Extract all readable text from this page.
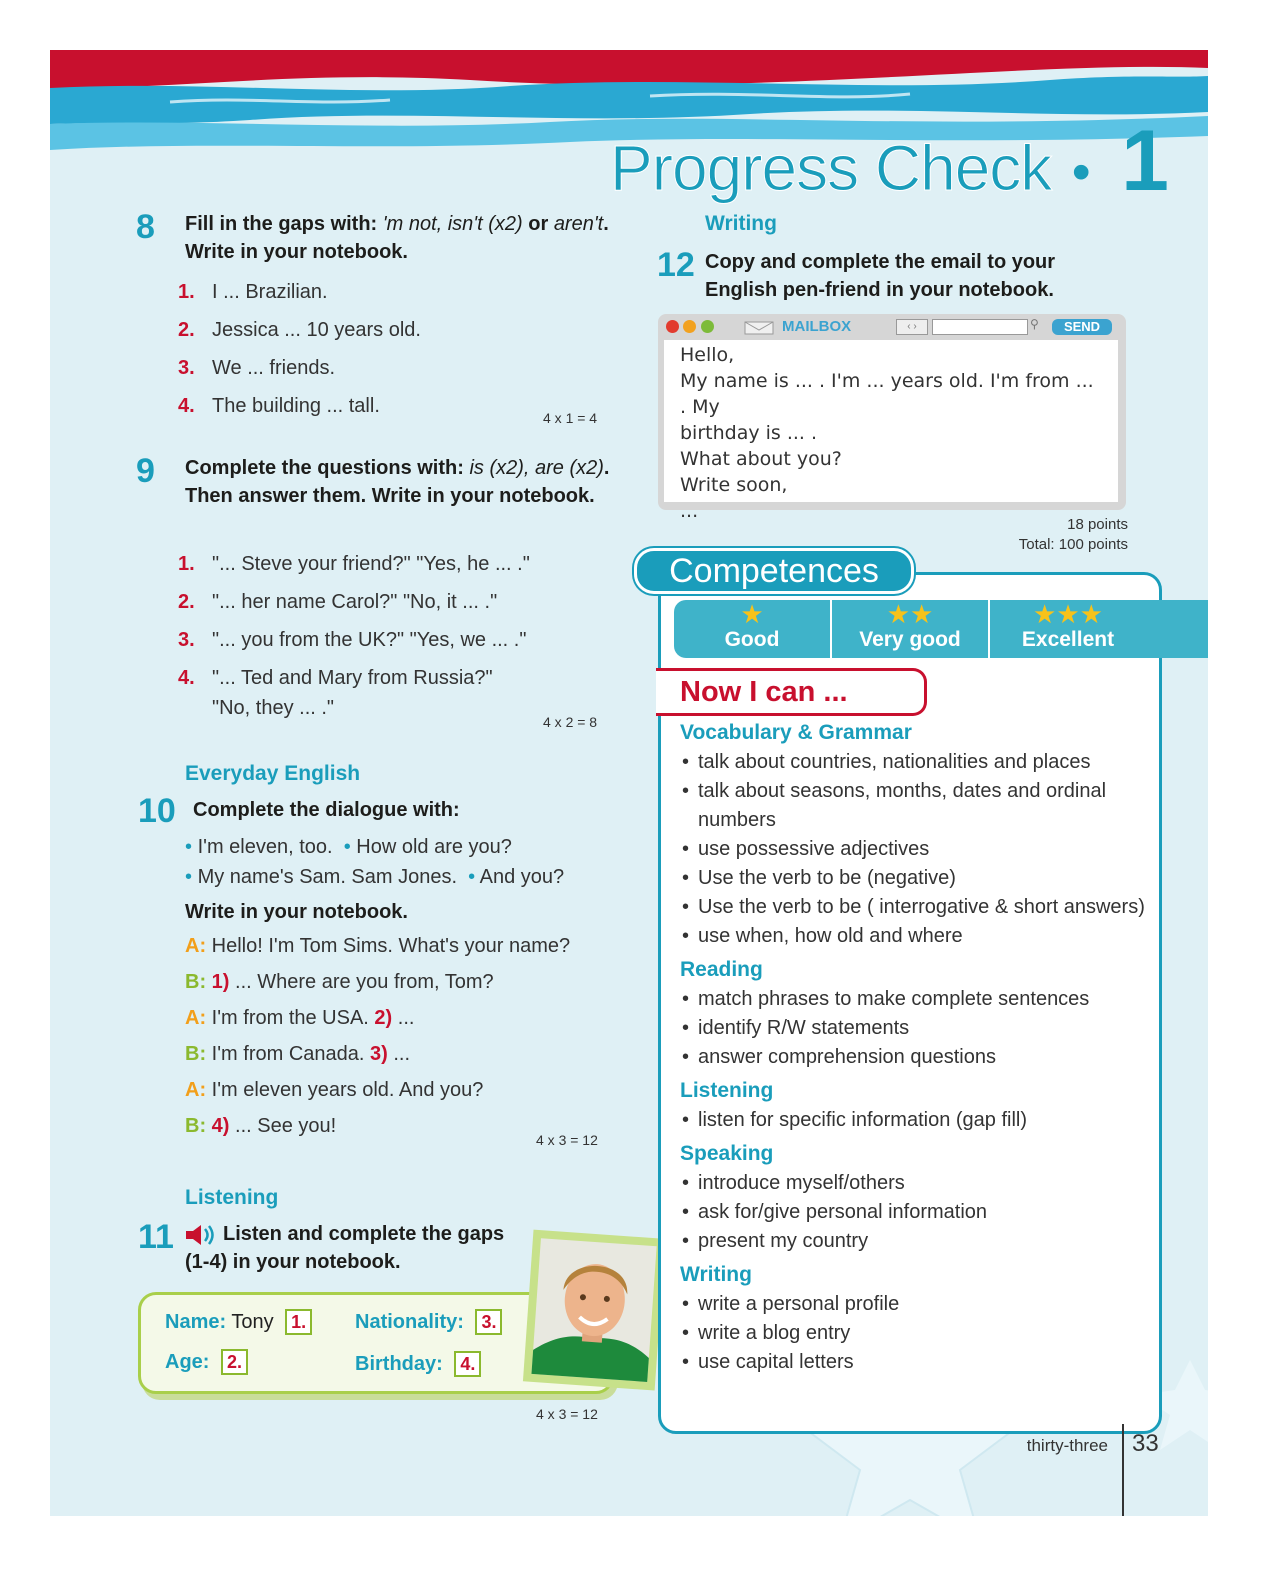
Progress Check • 1
8 Fill in the gaps with: 'm not, isn't (x2) or aren't. Write in your notebook.
1. I ... Brazilian.
2. Jessica ... 10 years old.
3. We ... friends.
4. The building ... tall.
4 x 1 = 4
9 Complete the questions with: is (x2), are (x2). Then answer them. Write in your notebook.
1. "... Steve your friend?" "Yes, he ... ."
2. "... her name Carol?" "No, it ... ."
3. "... you from the UK?" "Yes, we ... ."
4. "... Ted and Mary from Russia?"
"No, they ... ."
4 x 2 = 8
Everyday English
10 Complete the dialogue with:
• I'm eleven, too. • How old are you?
• My name's Sam. Sam Jones. • And you?
Write in your notebook.
A: Hello! I'm Tom Sims. What's your name?
B: 1) ... Where are you from, Tom?
A: I'm from the USA. 2) ...
B: I'm from Canada. 3) ...
A: I'm eleven years old. And you?
B: 4) ... See you!
4 x 3 = 12
Listening
11	Listen and complete the gaps (1-4) in your notebook.
Name: Tony 1.	Nationality: 3.
Age: 2.	Birthday: 4.
4 x 3 = 12
Writing
12 Copy and complete the email to your English pen-friend in your notebook.

MAILBOX	‹ ›	⚲	SEND
Hello,
My name is ... . I'm ... years old. I'm from ... . My
birthday is ... .
What about you?
Write soon,
...
18 points
Total: 100 points
Competences
★
Good
★★
Very good
★★★
Excellent
Now I can ...
Vocabulary & Grammar
• talk about countries, nationalities and places
• talk about seasons, months, dates and ordinal numbers
• use possessive adjectives
• Use the verb to be (negative)
• Use the verb to be ( interrogative & short answers)
• use when, how old and where
Reading
• match phrases to make complete sentences
• identify R/W statements
• answer comprehension questions
Listening
• listen for specific information (gap fill)
Speaking
• introduce myself/others
• ask for/give personal information
• present my country
Writing
• write a personal profile
• write a blog entry
• use capital letters
thirty-three 33
